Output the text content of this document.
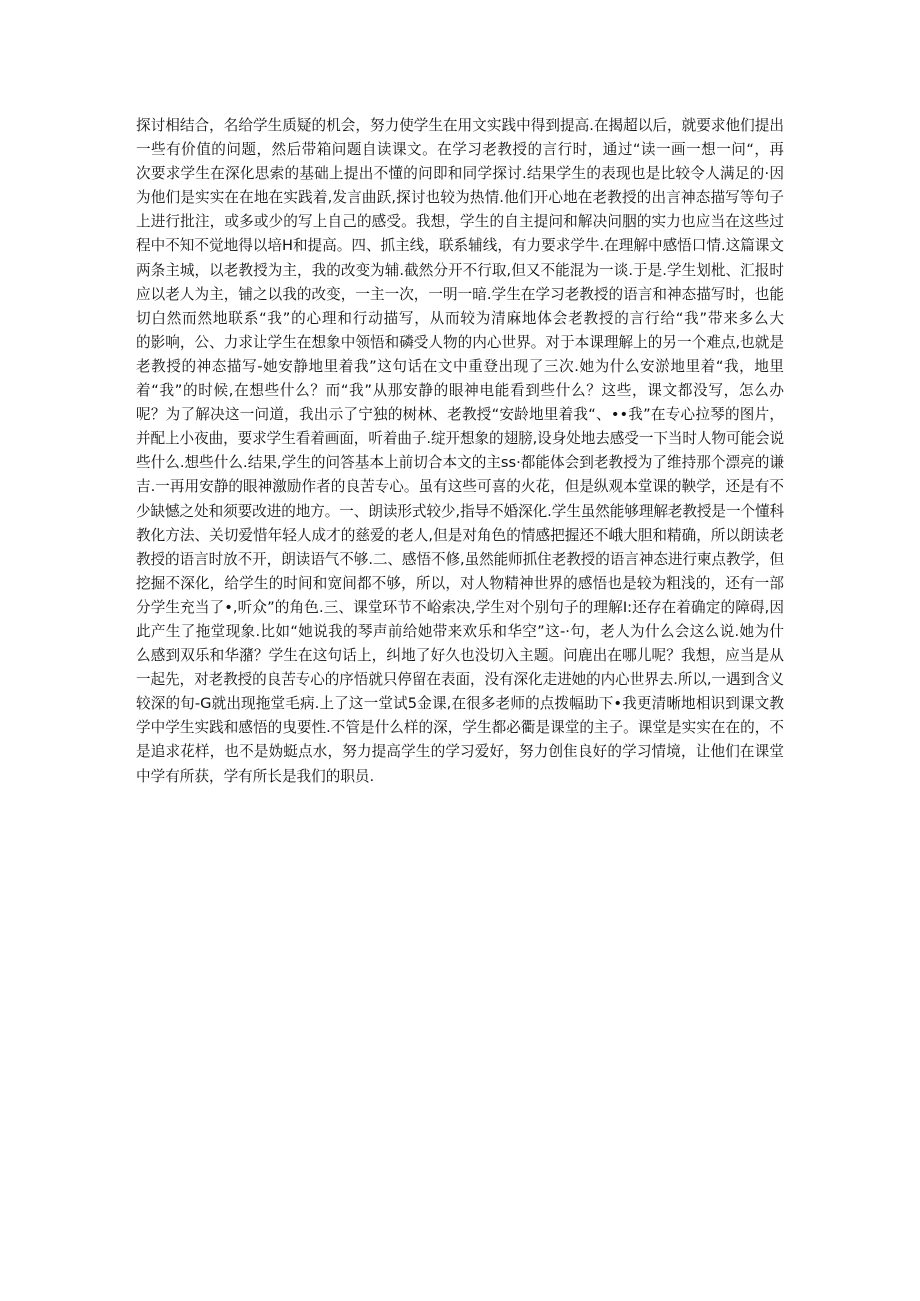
探讨相结合，名给学生质疑的机会，努力使学生在用文实践中得到提高.在揭超以后，就要求他们提出
一些有价值的问题，然后带箱问题自读课文。在学习老教授的言行时，通过“读一画一想一问“，再
次要求学生在深化思索的基础上提出不懂的问即和同学探讨.结果学生的表现也是比较令人满足的·因
为他们是实实在在地在实践着,发言曲跃,探讨也较为热情.他们开心地在老教授的出言神态描写等句子
上进行批注，或多或少的写上自己的感受。我想，学生的自主提问和解决问胭的实力也应当在这些过
程中不知不觉地得以培H和提高。四、抓主线，联系辅线，有力要求学牛.在理解中感悟口情.这篇课文
两条主城，以老教授为主，我的改变为辅.截然分开不行取,但又不能混为一谈.于是.学生划枇、汇报时
应以老人为主，铺之以我的改变，一主一次，一明一暗.学生在学习老教授的语言和神态描写时，也能
切白然而然地联系“我”的心理和行动描写，从而较为清麻地体会老教授的言行给“我”带来多么大
的影响，公、力求让学生在想象中领悟和磷受人物的内心世界。对于本课理解上的另一个难点,也就是
老教授的神态描写-她安静地里着我”这句话在文中重登出现了三次.她为什么安淤地里着“我，地里
着“我”的时候,在想些什么？而“我”从那安静的眼神电能看到些什么？这些，课文都没写，怎么办
呢？为了解决这一问道，我出示了宁独的树林、老教授“安龄地里着我“、••我”在专心拉琴的图片，
并配上小夜曲，要求学生看着画面，听着曲子.绽开想象的翅膀,设身处地去感受一下当时人物可能会说
些什么.想些什么.结果,学生的问答基本上前切合本文的主ss·都能体会到老教授为了维持那个漂亮的谦
吉.一再用安静的眼神激励作者的良苦专心。虽有这些可喜的火花，但是纵观本堂课的鞅学，还是有不
少缺憾之处和须要改进的地方。一、朗读形式较少,指导不婚深化.学生虽然能够理解老教授是一个懂科
教化方法、关切爱惜年轻人成才的慈爱的老人,但是对角色的情感把握还不峨大胆和精确，所以朗读老
教授的语言时放不开，朗读语气不够.二、感悟不修,虽然能师抓住老教授的语言神态进行柬点教学，但
挖掘不深化，给学生的时间和宽间都不够，所以，对人物精神世界的感悟也是较为粗浅的，还有一部
分学生充当了•,听众”的角色.三、课堂环节不峪索决,学生对个别句子的理解I:还存在着确定的障碍,因
此产生了拖堂现象.比如“她说我的琴声前给她带来欢乐和华空”这-·句，老人为什么会这么说.她为什
么感到双乐和华潴？学生在这句话上，纠地了好久也没切入主题。问鹿出在哪儿呢？我想，应当是从
一起先，对老教授的良苦专心的序悟就只停留在表面，没有深化走进她的内心世界去.所以,一遇到含义
较深的旬-G就出现拖堂毛病.上了这一堂试5金课,在很多老师的点拨幅助下•我更清晰地相识到课文教
学中学生实践和感悟的曳要性.不管是什么样的深，学生都必衢是课堂的主子。课堂是实实在在的，不
是追求花样，也不是妫蜓点水，努力提高学生的学习爱好，努力创隹良好的学习情境，让他们在课堂
中学有所获，学有所长是我们的职员.
